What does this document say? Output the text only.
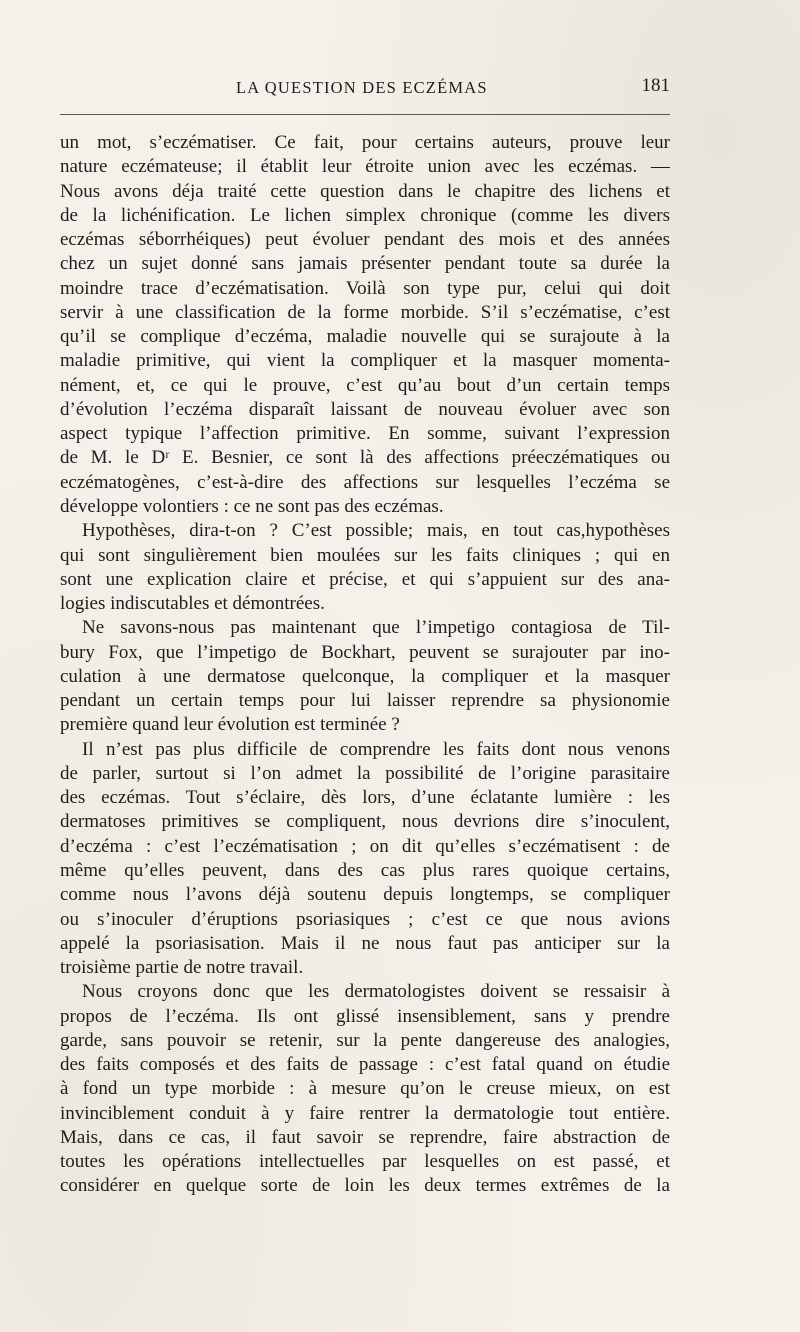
LA QUESTION DES ECZÉMAS	181
un mot, s’eczématiser. Ce fait, pour certains auteurs, prouve leur
nature eczémateuse; il établit leur étroite union avec les eczémas. —
Nous avons déja traité cette question dans le chapitre des lichens et
de la lichénification. Le lichen simplex chronique (comme les divers
eczémas séborrhéiques) peut évoluer pendant des mois et des années
chez un sujet donné sans jamais présenter pendant toute sa durée la
moindre trace d’eczématisation. Voilà son type pur, celui qui doit
servir à une classification de la forme morbide. S’il s’eczématise, c’est
qu’il se complique d’eczéma, maladie nouvelle qui se surajoute à la
maladie primitive, qui vient la compliquer et la masquer momenta-
nément, et, ce qui le prouve, c’est qu’au bout d’un certain temps
d’évolution l’eczéma disparaît laissant de nouveau évoluer avec son
aspect typique l’affection primitive. En somme, suivant l’expression
de M. le Dʳ E. Besnier, ce sont là des affections préeczématiques ou
eczématogènes, c’est-à-dire des affections sur lesquelles l’eczéma se
développe volontiers : ce ne sont pas des eczémas.
Hypothèses, dira-t-on ? C’est possible; mais, en tout cas,hypothèses
qui sont singulièrement bien moulées sur les faits cliniques ; qui en
sont une explication claire et précise, et qui s’appuient sur des ana-
logies indiscutables et démontrées.
Ne savons-nous pas maintenant que l’impetigo contagiosa de Til-
bury Fox, que l’impetigo de Bockhart, peuvent se surajouter par ino-
culation à une dermatose quelconque, la compliquer et la masquer
pendant un certain temps pour lui laisser reprendre sa physionomie
première quand leur évolution est terminée ?
Il n’est pas plus difficile de comprendre les faits dont nous venons
de parler, surtout si l’on admet la possibilité de l’origine parasitaire
des eczémas. Tout s’éclaire, dès lors, d’une éclatante lumière : les
dermatoses primitives se compliquent, nous devrions dire s’inoculent,
d’eczéma : c’est l’eczématisation ; on dit qu’elles s’eczématisent : de
même qu’elles peuvent, dans des cas plus rares quoique certains,
comme nous l’avons déjà soutenu depuis longtemps, se compliquer
ou s’inoculer d’éruptions psoriasiques ; c’est ce que nous avions
appelé la psoriasisation. Mais il ne nous faut pas anticiper sur la
troisième partie de notre travail.
Nous croyons donc que les dermatologistes doivent se ressaisir à
propos de l’eczéma. Ils ont glissé insensiblement, sans y prendre
garde, sans pouvoir se retenir, sur la pente dangereuse des analogies,
des faits composés et des faits de passage : c’est fatal quand on étudie
à fond un type morbide : à mesure qu’on le creuse mieux, on est
invinciblement conduit à y faire rentrer la dermatologie tout entière.
Mais, dans ce cas, il faut savoir se reprendre, faire abstraction de
toutes les opérations intellectuelles par lesquelles on est passé, et
considérer en quelque sorte de loin les deux termes extrêmes de la
